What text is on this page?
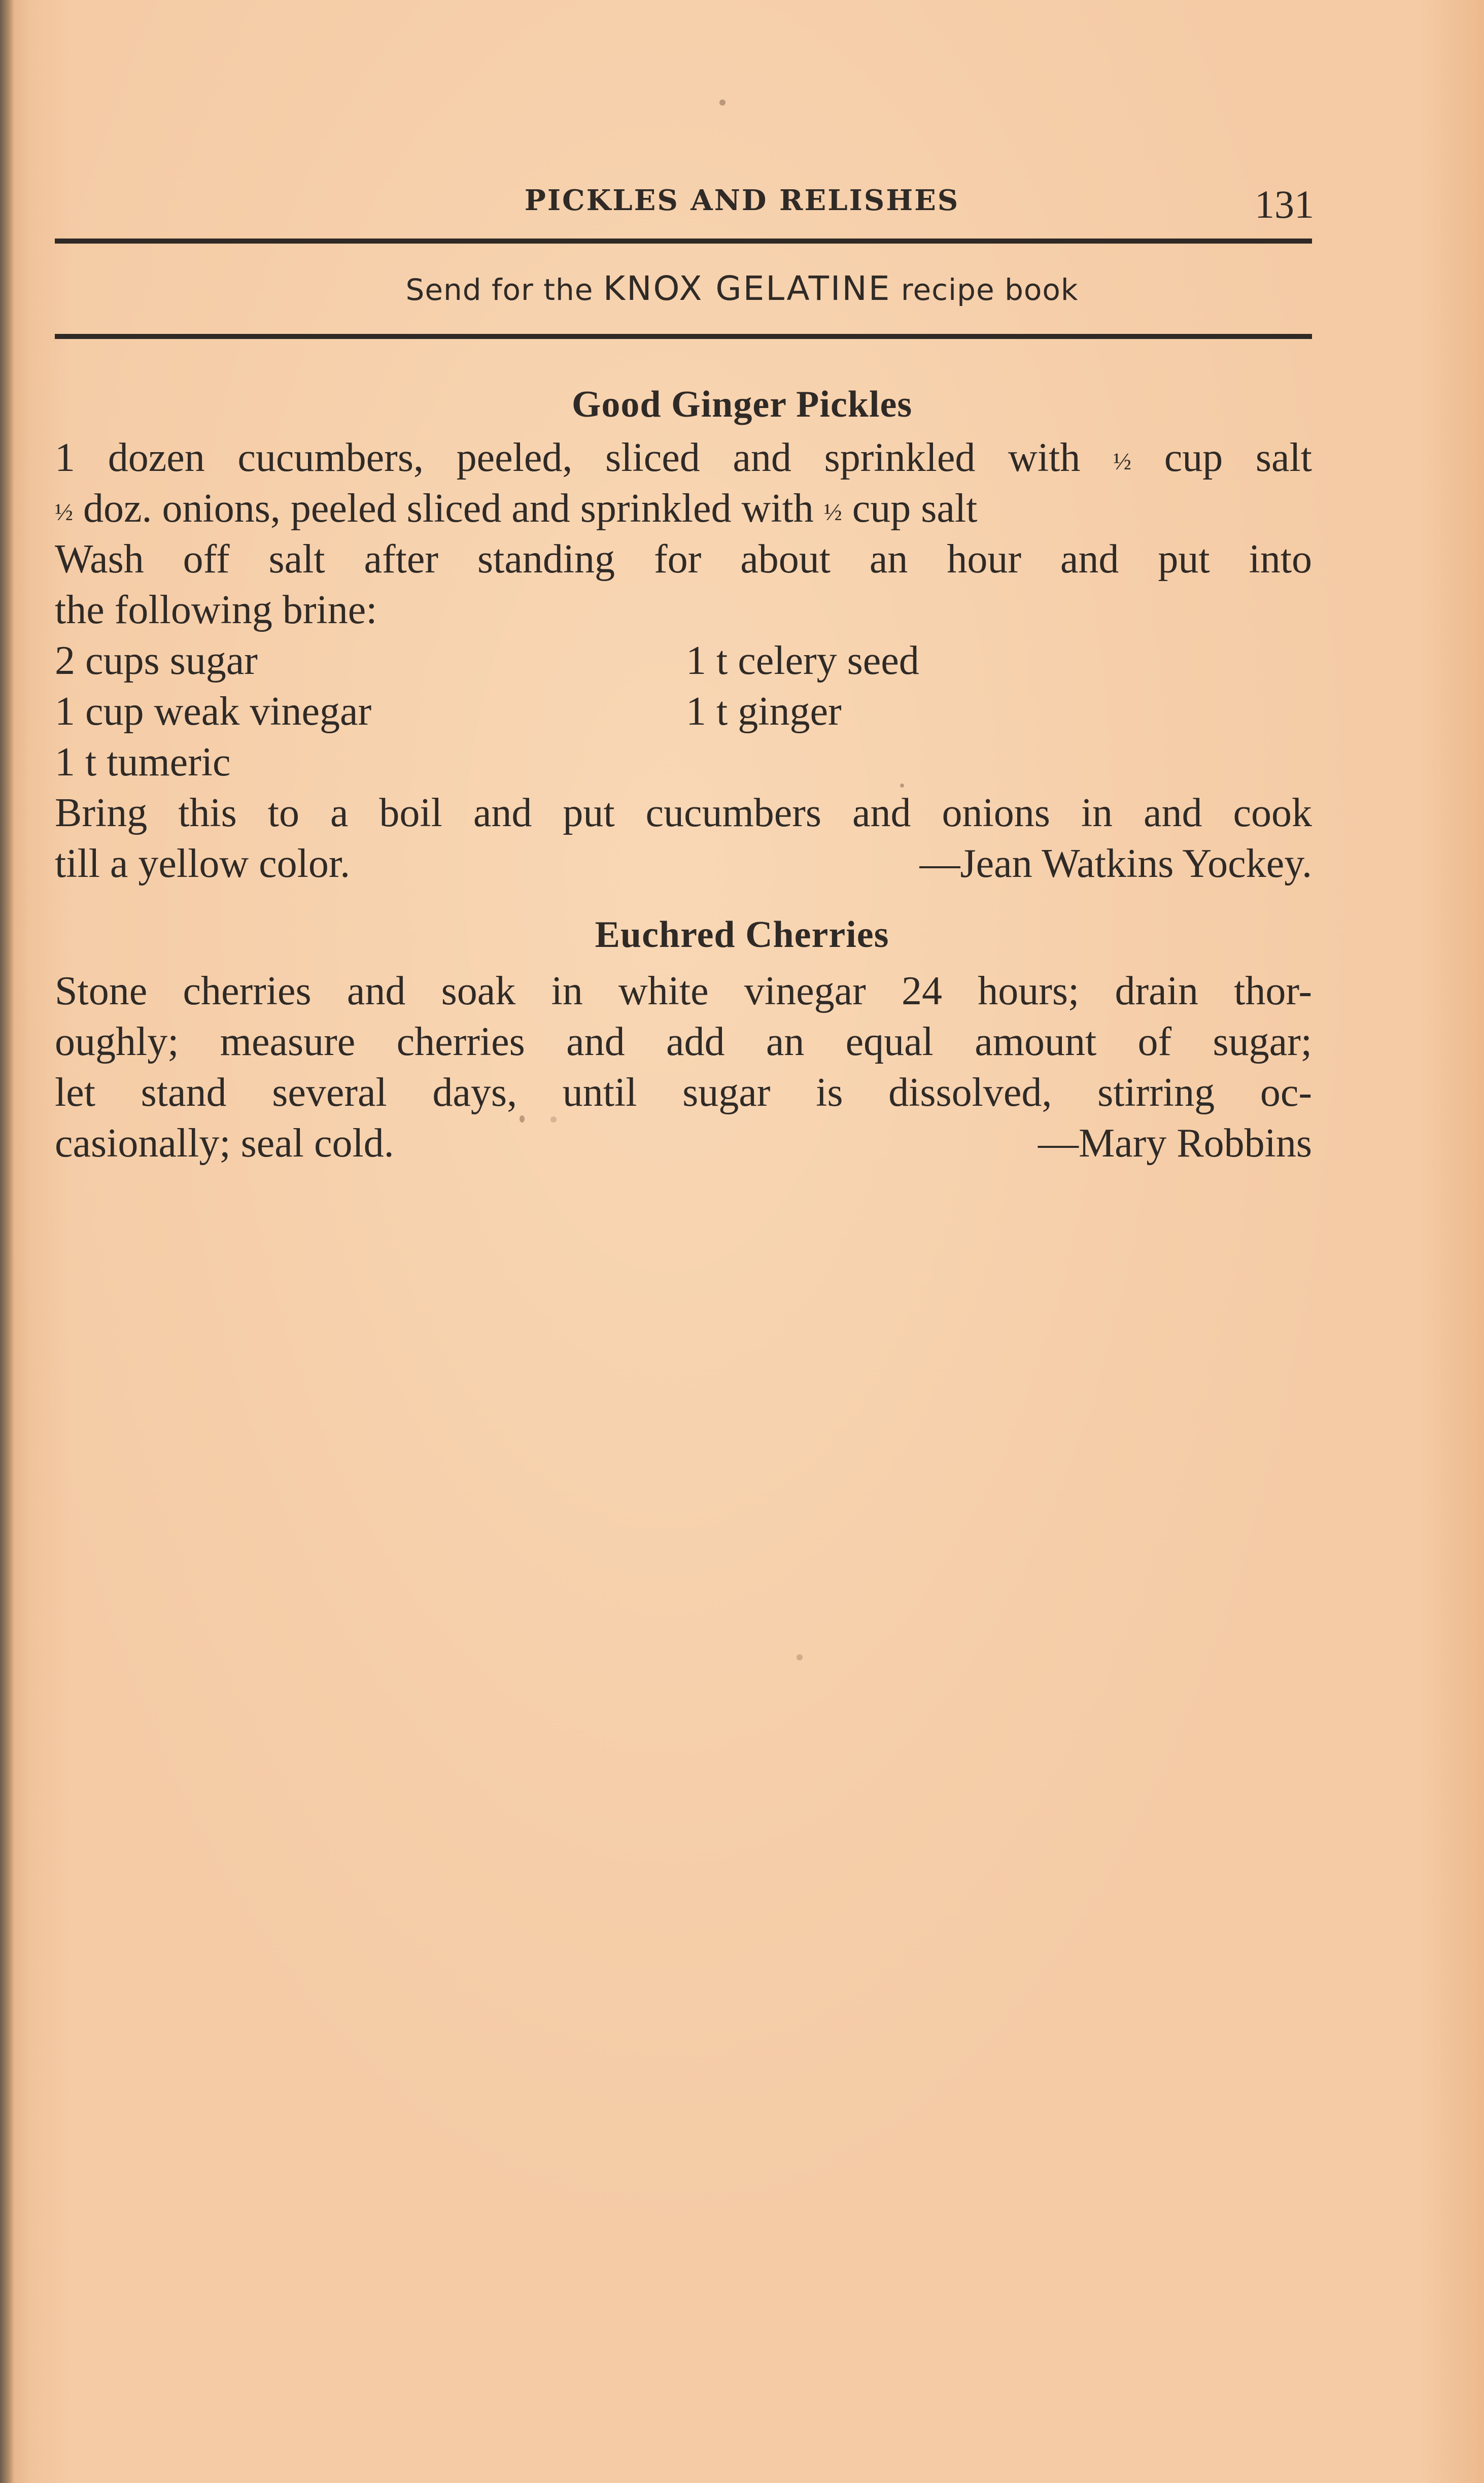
PICKLES AND RELISHES	131
Send for the KNOX GELATINE recipe book
Good Ginger Pickles
1 dozen cucumbers, peeled, sliced and sprinkled with ½ cup salt
½ doz. onions, peeled sliced and sprinkled with ½ cup salt
Wash off salt after standing for about an hour and put into
the following brine:
2 cups sugar	1 t celery seed
1 cup weak vinegar	1 t ginger
1 t tumeric
Bring this to a boil and put cucumbers and onions in and cook
till a yellow color.	—Jean Watkins Yockey.
Euchred Cherries
Stone cherries and soak in white vinegar 24 hours; drain thor-
oughly; measure cherries and add an equal amount of sugar;
let stand several days, until sugar is dissolved, stirring oc-
casionally; seal cold.	—Mary Robbins
